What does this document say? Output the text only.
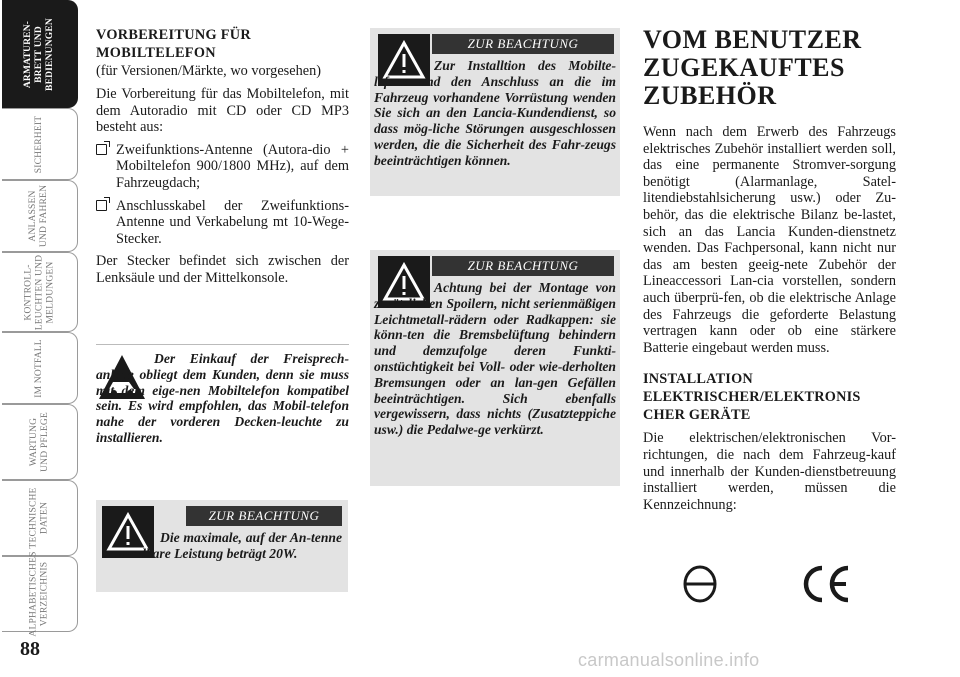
ARMATUREN-
BRETT UND
BEDIENUNGEN
SICHERHEIT
ANLASSEN
UND FAHREN
KONTROLL-
LEUCHTEN UND
MELDUNGEN
IM NOTFALL
WARTUNG
UND PFLEGE
TECHNISCHE
DATEN
ALPHABETISCHES
VERZEICHNIS
88
VORBEREITUNG FÜR MOBILTELEFON
(für Versionen/Märkte, wo vorgesehen)
Die Vorbereitung für das Mobiltelefon, mit dem Autoradio mit CD oder CD MP3 besteht aus:
Zweifunktions-Antenne (Autora-dio + Mobiltelefon 900/1800 MHz), auf dem Fahrzeugdach;
Anschlusskabel der Zweifunktions-Antenne und Verkabelung mt 10-Wege-Stecker.
Der Stecker befindet sich zwischen der Lenksäule und der Mittelkonsole.
Der Einkauf der Freisprech-anlage obliegt dem Kunden, denn sie muss mit dem eige-nen Mobiltelefon kompatibel sein. Es wird empfohlen, das Mobil-telefon nahe der vorderen Decken-leuchte zu installieren.
ZUR BEACHTUNG
Die maximale, auf der An-tenne anwendbare Leistung beträgt 20W.
ZUR BEACHTUNG
Zur Installtion des Mobilte-lefons und den Anschluss an die im Fahrzeug vorhandene Vorrüstung wenden Sie sich an den Lancia-Kundendienst, so dass mög-liche Störungen ausgeschlossen werden, die die Sicherheit des Fahr-zeugs beeinträchtigen können.
ZUR BEACHTUNG
Achtung bei der Montage von zusätzlichen Spoilern, nicht serienmäßigen Leichtmetall-rädern oder Radkappen: sie könn-ten die Bremsbelüftung behindern und demzufolge deren Funkti-onstüchtigkeit bei Voll- oder wie-derholten Bremsungen oder an lan-gen Gefällen beeinträchtigen. Sich ebenfalls vergewissern, dass nichts (Zusatzteppiche usw.) die Pedalwe-ge verkürzt.
VOM BENUTZER ZUGEKAUFTES ZUBEHÖR
Wenn nach dem Erwerb des Fahrzeugs elektrisches Zubehör installiert werden soll, das eine permanente Stromver-sorgung benötigt (Alarmanlage, Satel-litendiebstahlsicherung usw.) oder Zu-behör, das die elektrische Bilanz be-lastet, sich an das Lancia Kunden-dienstnetz wenden. Das Fachpersonal, kann nicht nur das am besten geeig-nete Zubehör der Lineaccessori Lan-cia vorstellen, sondern auch überprü-fen, ob die elektrische Anlage des Fahrzeugs die geforderte Belastung vertragen kann oder ob eine stärkere Batterie eingebaut werden muss.
INSTALLATION ELEKTRISCHER/ELEKTRONIS CHER GERÄTE
Die elektrischen/elektronischen Vor-richtungen, die nach dem Fahrzeug-kauf und innerhalb der Kunden-dienstbetreuung installiert werden, müssen die Kennzeichnung:
carmanualsonline.info
